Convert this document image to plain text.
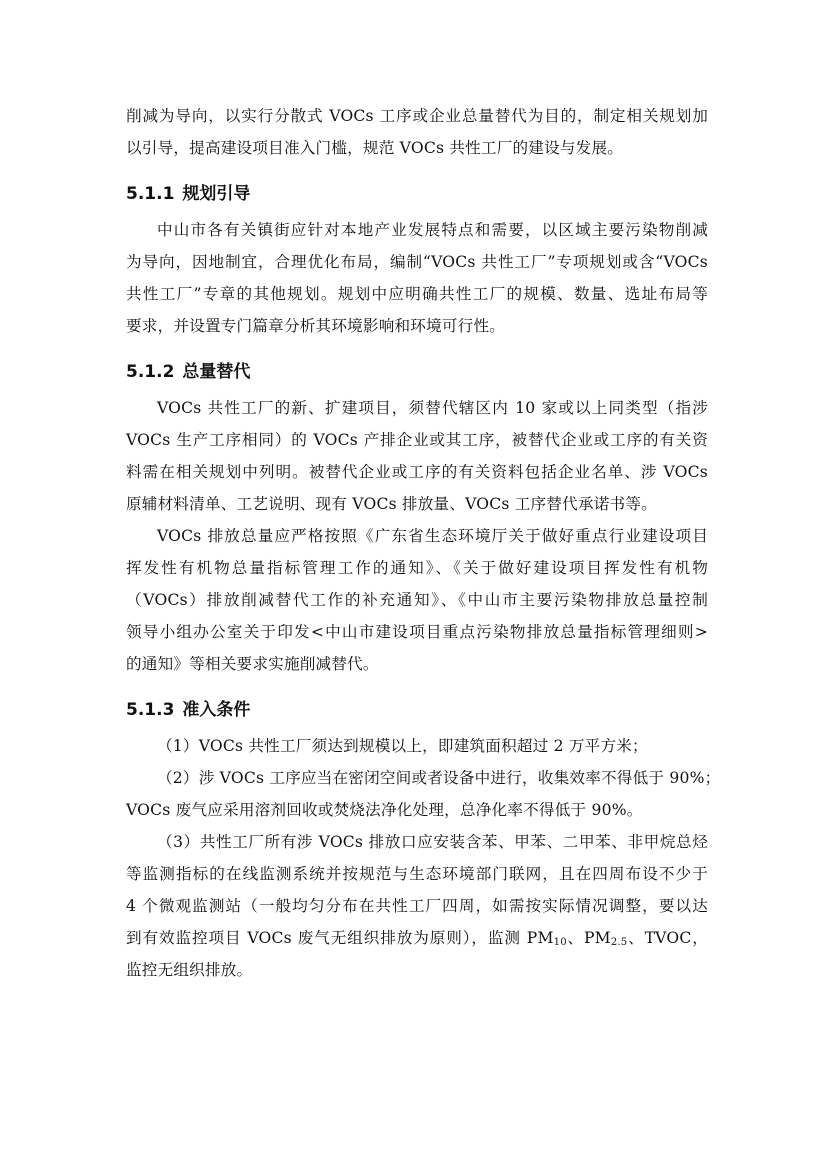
削减为导向，以实行分散式 VOCs 工序或企业总量替代为目的，制定相关规划加
以引导，提高建设项目准入门槛，规范 VOCs 共性工厂的建设与发展。
5.1.1 规划引导
中山市各有关镇街应针对本地产业发展特点和需要，以区域主要污染物削减
为导向，因地制宜，合理优化布局，编制“VOCs 共性工厂”专项规划或含“VOCs
共性工厂”专章的其他规划。规划中应明确共性工厂的规模、数量、选址布局等
要求，并设置专门篇章分析其环境影响和环境可行性。
5.1.2 总量替代
VOCs 共性工厂的新、扩建项目，须替代辖区内 10 家或以上同类型（指涉
VOCs 生产工序相同）的 VOCs 产排企业或其工序，被替代企业或工序的有关资
料需在相关规划中列明。被替代企业或工序的有关资料包括企业名单、涉 VOCs
原辅材料清单、工艺说明、现有 VOCs 排放量、VOCs 工序替代承诺书等。
VOCs 排放总量应严格按照《广东省生态环境厅关于做好重点行业建设项目
挥发性有机物总量指标管理工作的通知》、《关于做好建设项目挥发性有机物
（VOCs）排放削减替代工作的补充通知》、《中山市主要污染物排放总量控制
领导小组办公室关于印发<中山市建设项目重点污染物排放总量指标管理细则>
的通知》等相关要求实施削减替代。
5.1.3 准入条件
（1）VOCs 共性工厂须达到规模以上，即建筑面积超过 2 万平方米；
（2）涉 VOCs 工序应当在密闭空间或者设备中进行，收集效率不得低于 90%；
VOCs 废气应采用溶剂回收或焚烧法净化处理，总净化率不得低于 90%。
（3）共性工厂所有涉 VOCs 排放口应安装含苯、甲苯、二甲苯、非甲烷总烃
等监测指标的在线监测系统并按规范与生态环境部门联网，且在四周布设不少于
4 个微观监测站（一般均匀分布在共性工厂四周，如需按实际情况调整，要以达
到有效监控项目 VOCs 废气无组织排放为原则），监测 $PM_{10}$、$PM_{2.5}$、TVOC，
监控无组织排放。
